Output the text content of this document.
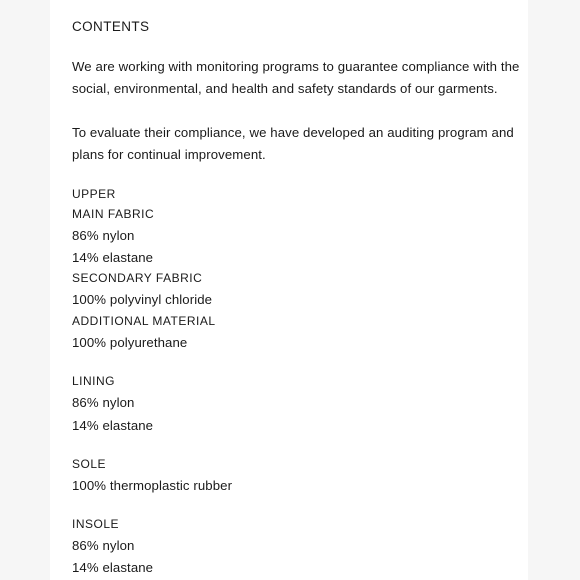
CONTENTS
We are working with monitoring programs to guarantee compliance with the social, environmental, and health and safety standards of our garments.
To evaluate their compliance, we have developed an auditing program and plans for continual improvement.
UPPER
MAIN FABRIC
86% nylon
14% elastane
SECONDARY FABRIC
100% polyvinyl chloride
ADDITIONAL MATERIAL
100% polyurethane
LINING
86% nylon
14% elastane
SOLE
100% thermoplastic rubber
INSOLE
86% nylon
14% elastane
